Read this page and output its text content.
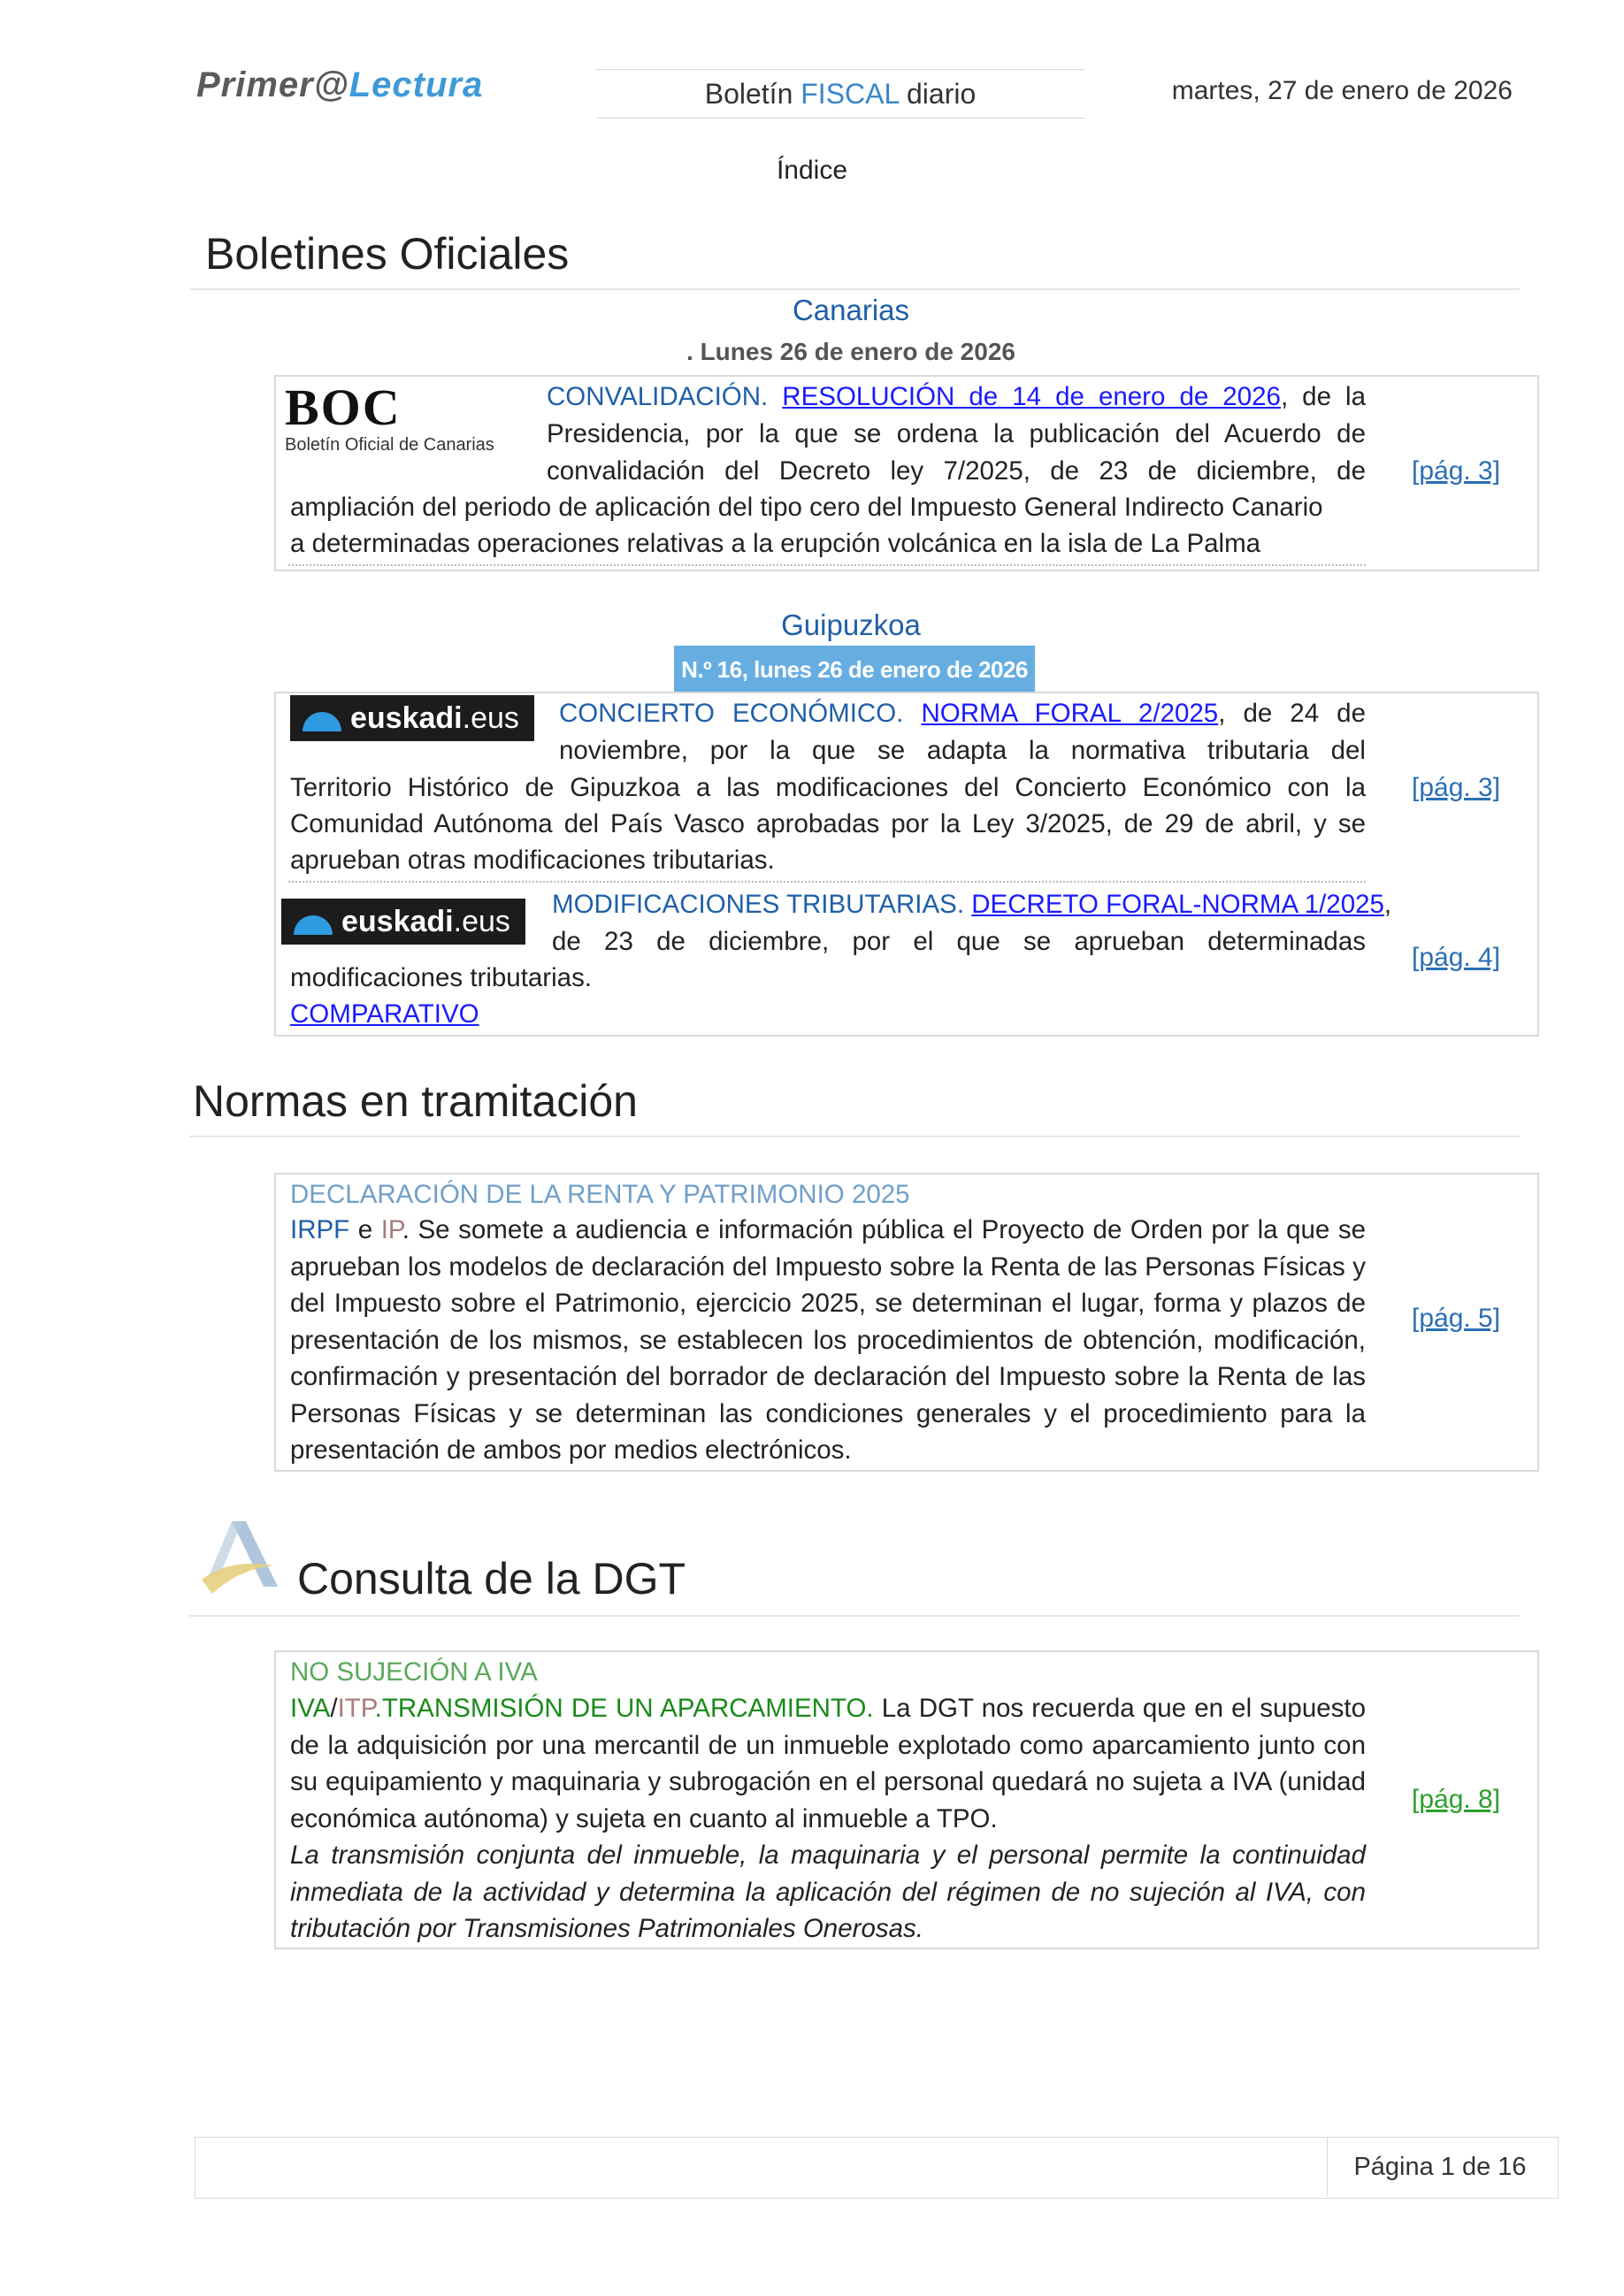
Primer@Lectura	Boletín FISCAL diario	martes, 27 de enero de 2026
Índice
Boletines Oficiales
Canarias
. Lunes 26 de enero de 2026
BOC
Boletín Oficial de Canarias
CONVALIDACIÓN. RESOLUCIÓN de 14 de enero de 2026, de la
Presidencia, por la que se ordena la publicación del Acuerdo de
convalidación del Decreto ley 7/2025, de 23 de diciembre, de
ampliación del periodo de aplicación del tipo cero del Impuesto General Indirecto Canario
a determinadas operaciones relativas a la erupción volcánica en la isla de La Palma
[pág. 3]
Guipuzkoa
N.º 16, lunes 26 de enero de 2026
euskadi .eus CONCIERTO ECONÓMICO. NORMA FORAL 2/2025, de 24 de
noviembre, por la que se adapta la normativa tributaria del
Territorio Histórico de Gipuzkoa a las modificaciones del Concierto Económico con la
Comunidad Autónoma del País Vasco aprobadas por la Ley 3/2025, de 29 de abril, y se
aprueban otras modificaciones tributarias.
[pág. 3]
euskadi .eus MODIFICACIONES TRIBUTARIAS. DECRETO FORAL-NORMA 1/2025,
de 23 de diciembre, por el que se aprueban determinadas
modificaciones tributarias.
COMPARATIVO
[pág. 4]
Normas en tramitación
DECLARACIÓN DE LA RENTA Y PATRIMONIO 2025
IRPF e IP. Se somete a audiencia e información pública el Proyecto de Orden por la que se aprueban los modelos de declaración del Impuesto sobre la Renta de las Personas Físicas y del Impuesto sobre el Patrimonio, ejercicio 2025, se determinan el lugar, forma y plazos de presentación de los mismos, se establecen los procedimientos de obtención, modificación, confirmación y presentación del borrador de declaración del Impuesto sobre la Renta de las Personas Físicas y se determinan las condiciones generales y el procedimiento para la presentación de ambos por medios electrónicos.
[pág. 5]
Consulta de la DGT
NO SUJECIÓN A IVA
IVA/ITP.TRANSMISIÓN DE UN APARCAMIENTO. La DGT nos recuerda que en el supuesto de la adquisición por una mercantil de un inmueble explotado como aparcamiento junto con su equipamiento y maquinaria y subrogación en el personal quedará no sujeta a IVA (unidad económica autónoma) y sujeta en cuanto al inmueble a TPO.
La transmisión conjunta del inmueble, la maquinaria y el personal permite la continuidad inmediata de la actividad y determina la aplicación del régimen de no sujeción al IVA, con tributación por Transmisiones Patrimoniales Onerosas.
[pág. 8]
Página 1 de 16
